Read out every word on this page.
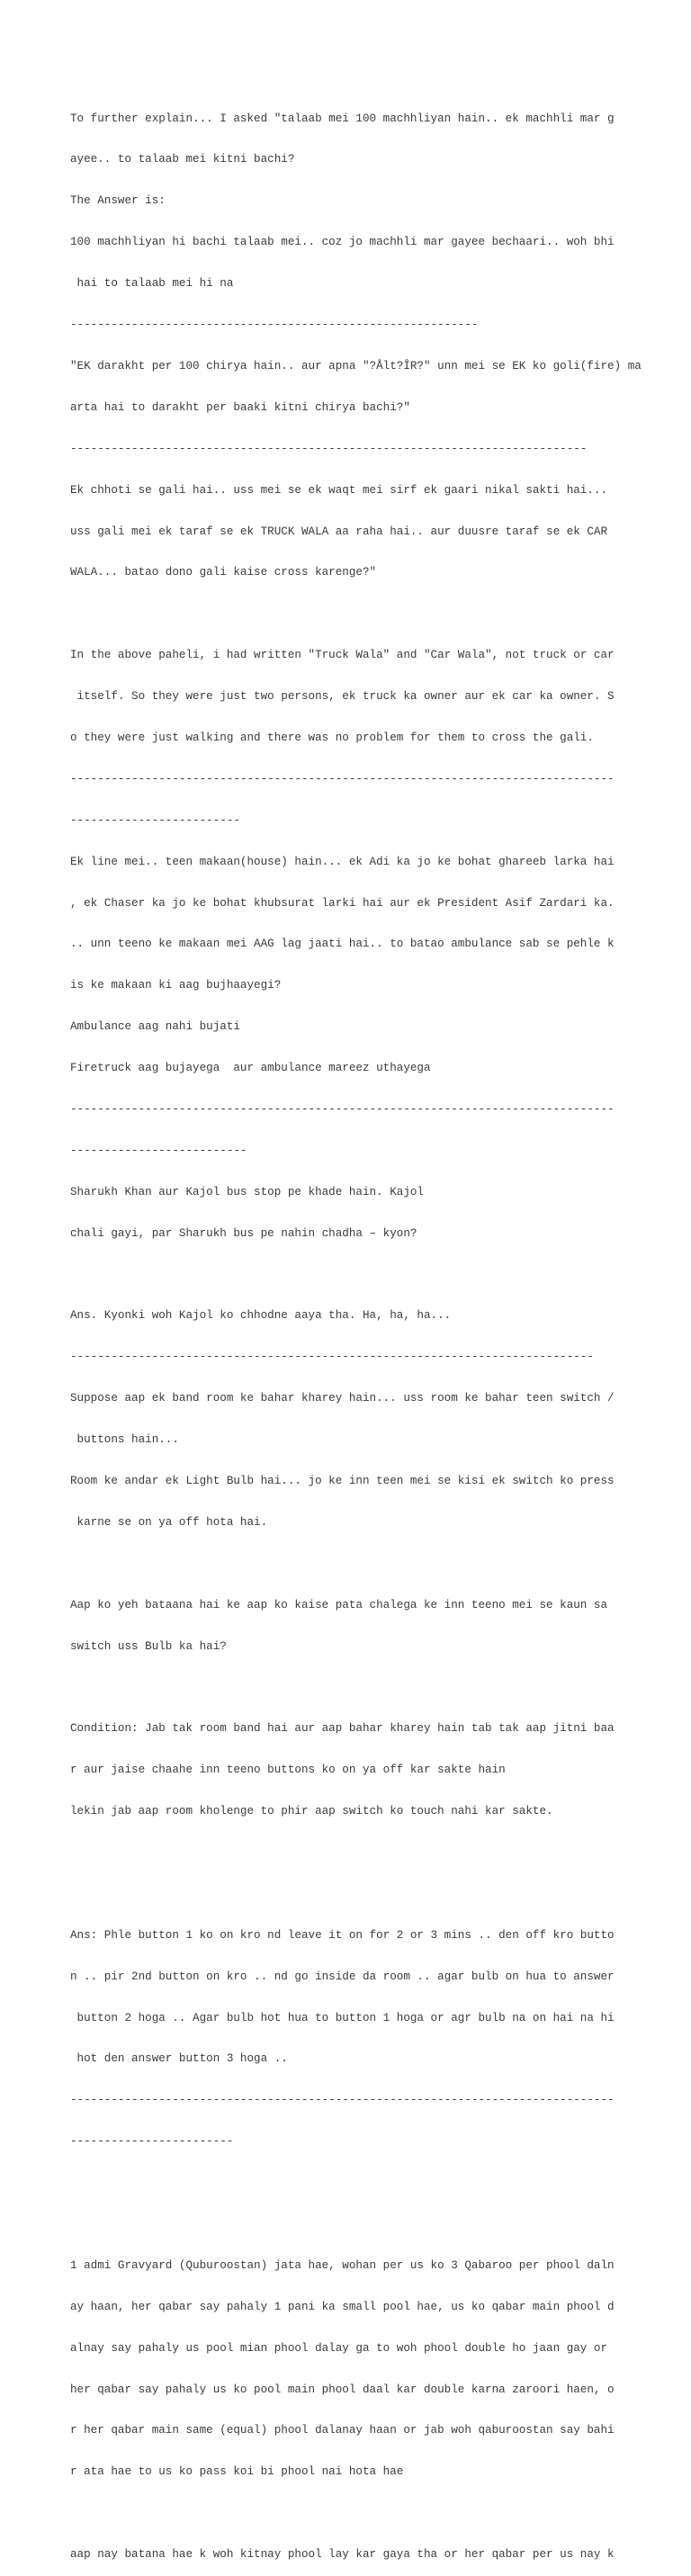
To further explain... I asked "talaab mei 100 machhliyan hain.. ek machhli mar g

ayee.. to talaab mei kitni bachi?

The Answer is:

100 machhliyan hi bachi talaab mei.. coz jo machhli mar gayee bechaari.. woh bhi

hai to talaab mei hi na

------------------------------------------------------------

"EK darakht per 100 chirya hain.. aur apna "?Ålt?ÎR?" unn mei se EK ko goli(fire) ma

arta hai to darakht per baaki kitni chirya bachi?"

----------------------------------------------------------------------------

Ek chhoti se gali hai.. uss mei se ek waqt mei sirf ek gaari nikal sakti hai...

uss gali mei ek taraf se ek TRUCK WALA aa raha hai.. aur duusre taraf se ek CAR

WALA... batao dono gali kaise cross karenge?"

In the above paheli, i had written "Truck Wala" and "Car Wala", not truck or car

itself. So they were just two persons, ek truck ka owner aur ek car ka owner. S

o they were just walking and there was no problem for them to cross the gali.

--------------------------------------------------------------------------------

-------------------------

Ek line mei.. teen makaan(house) hain... ek Adi ka jo ke bohat ghareeb larka hai

, ek Chaser ka jo ke bohat khubsurat larki hai aur ek President Asif Zardari ka.

.. unn teeno ke makaan mei AAG lag jaati hai.. to batao ambulance sab se pehle k

is ke makaan ki aag bujhaayegi?

Ambulance aag nahi bujati

Firetruck aag bujayega  aur ambulance mareez uthayega

--------------------------------------------------------------------------------

--------------------------

Sharukh Khan aur Kajol bus stop pe khade hain. Kajol

chali gayi, par Sharukh bus pe nahin chadha – kyon?

Ans. Kyonki woh Kajol ko chhodne aaya tha. Ha, ha, ha...

-----------------------------------------------------------------------------

Suppose aap ek band room ke bahar kharey hain... uss room ke bahar teen switch /

buttons hain...

Room ke andar ek Light Bulb hai... jo ke inn teen mei se kisi ek switch ko press

karne se on ya off hota hai.

Aap ko yeh bataana hai ke aap ko kaise pata chalega ke inn teeno mei se kaun sa

switch uss Bulb ka hai?

Condition: Jab tak room band hai aur aap bahar kharey hain tab tak aap jitni baa

r aur jaise chaahe inn teeno buttons ko on ya off kar sakte hain

lekin jab aap room kholenge to phir aap switch ko touch nahi kar sakte.

Ans: Phle button 1 ko on kro nd leave it on for 2 or 3 mins .. den off kro butto

n .. pir 2nd button on kro .. nd go inside da room .. agar bulb on hua to answer

button 2 hoga .. Agar bulb hot hua to button 1 hoga or agr bulb na on hai na hi

hot den answer button 3 hoga ..

--------------------------------------------------------------------------------

------------------------

1 admi Gravyard (Quburoostan) jata hae, wohan per us ko 3 Qabaroo per phool daln

ay haan, her qabar say pahaly 1 pani ka small pool hae, us ko qabar main phool d

alnay say pahaly us pool mian phool dalay ga to woh phool double ho jaan gay or

her qabar say pahaly us ko pool main phool daal kar double karna zaroori haen, o

r her qabar main same (equal) phool dalanay haan or jab woh qaburoostan say bahi

r ata hae to us ko pass koi bi phool nai hota hae

aap nay batana hae k woh kitnay phool lay kar gaya tha or her qabar per us nay k
